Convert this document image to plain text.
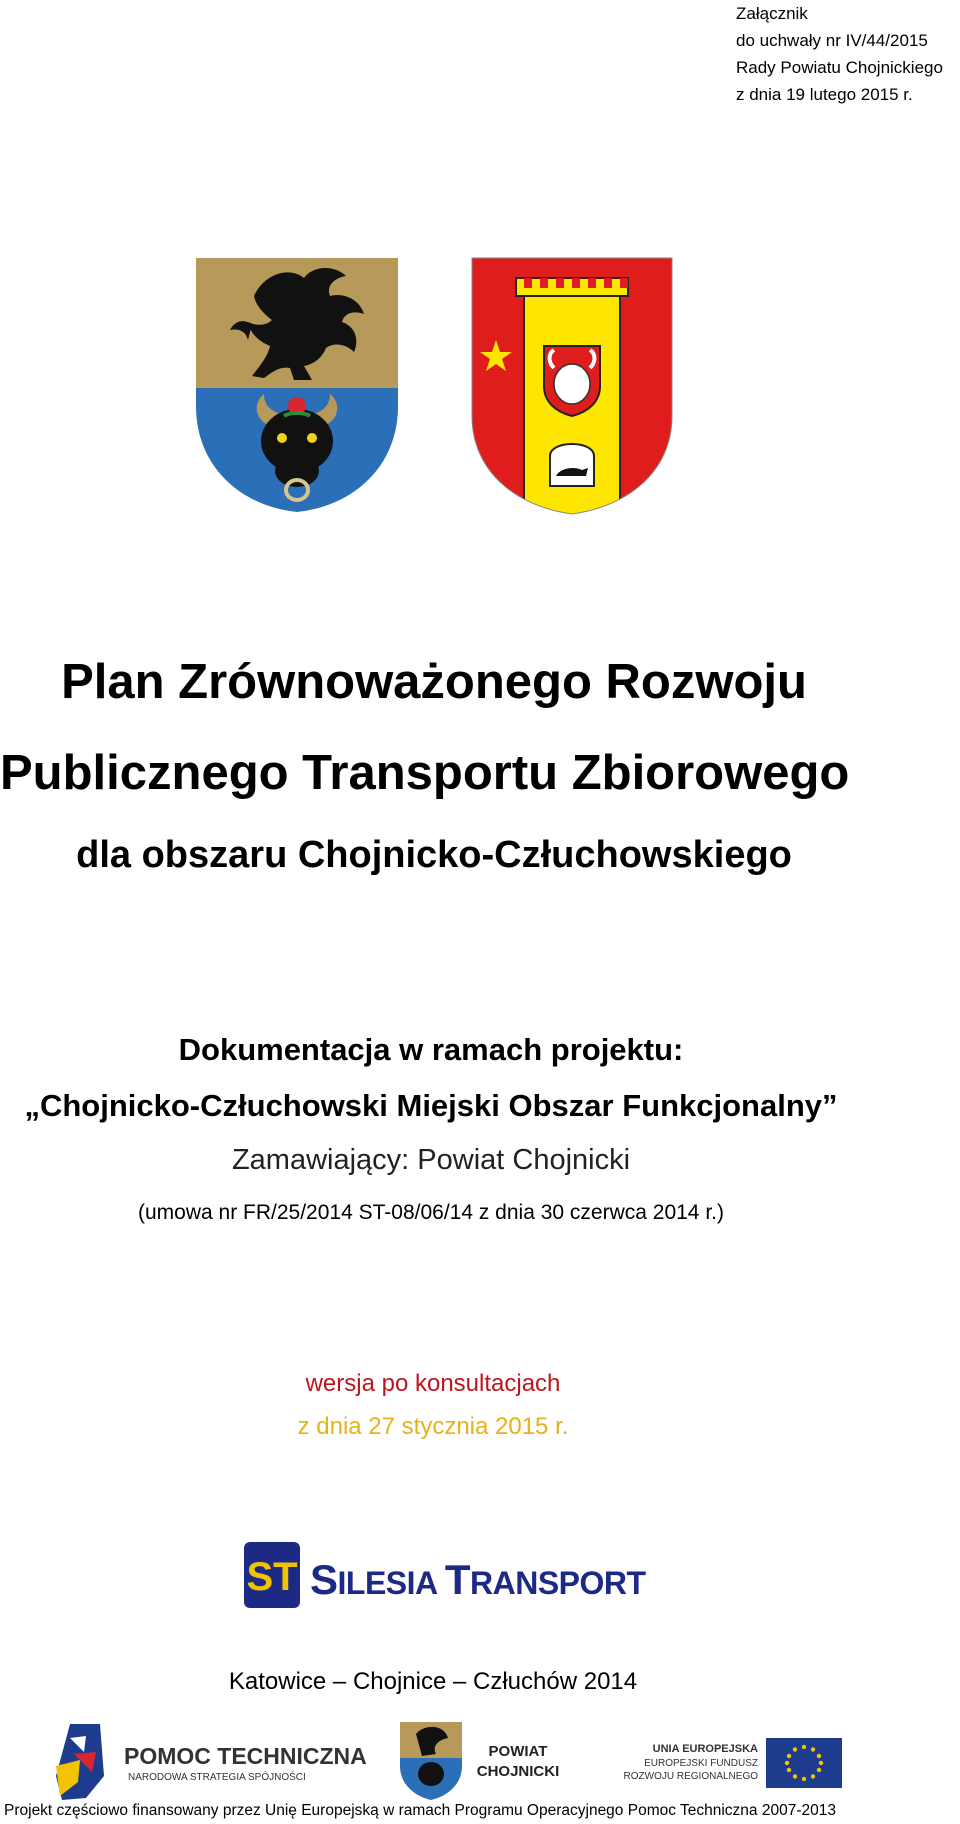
Załącznik
do uchwały nr IV/44/2015
Rady Powiatu Chojnickiego
z dnia 19 lutego 2015 r.
Plan Zrównoważonego Rozwoju
Publicznego Transportu Zbiorowego
dla obszaru Chojnicko-Człuchowskiego
Dokumentacja w ramach projektu:
„Chojnicko-Człuchowski Miejski Obszar Funkcjonalny”
Zamawiający: Powiat Chojnicki
(umowa nr FR/25/2014 ST-08/06/14 z dnia 30 czerwca 2014 r.)
wersja po konsultacjach
z dnia 27 stycznia 2015 r.
ST SILESIA TRANSPORT
Katowice – Chojnice – Człuchów 2014
POMOC TECHNICZNA
NARODOWA STRATEGIA SPÓJNOŚCI
POWIAT
CHOJNICKI
UNIA EUROPEJSKA
EUROPEJSKI FUNDUSZ
ROZWOJU REGIONALNEGO
Projekt częściowo finansowany przez Unię Europejską w ramach Programu Operacyjnego Pomoc Techniczna 2007-2013
